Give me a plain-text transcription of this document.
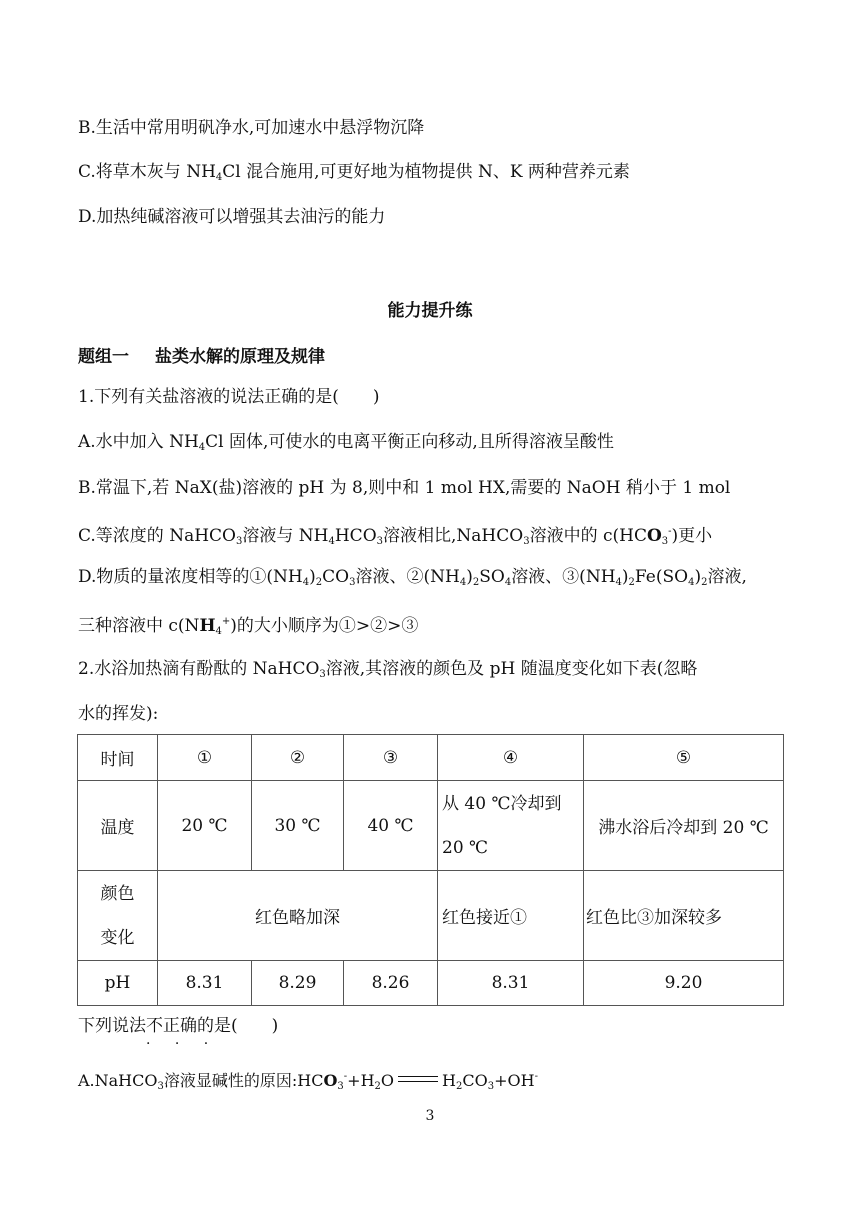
B.生活中常用明矾净水,可加速水中悬浮物沉降
C.将草木灰与 $NH_4Cl$ 混合施用,可更好地为植物提供 N、K 两种营养元素
D.加热纯碱溶液可以增强其去油污的能力
能力提升练
题组一 盐类水解的原理及规律
1.下列有关盐溶液的说法正确的是(　　)
A.水中加入 $NH_4Cl$ 固体,可使水的电离平衡正向移动,且所得溶液呈酸性
B.常温下,若 NaX(盐)溶液的 pH 为 8,则中和 1 mol HX,需要的 NaOH 稍小于 1 mol
C.等浓度的 NaHCO$_3$溶液与 $NH_4HCO_3$溶液相比,NaHCO$_3$溶液中的 $c(HCO_3^-)$更小
D.物质的量浓度相等的$①(NH_4)_2CO_3$溶液、$②(NH_4)_2SO_4$溶液、$③(NH_4)_2Fe(SO_4)_2$溶液,
三种溶液中 $c(NH_4^+)$的大小顺序为①>②>③
2.水浴加热滴有酚酞的 NaHCO$_3$溶液,其溶液的颜色及 pH 随温度变化如下表(忽略
水的挥发):
时间	①	②	③	④	⑤
温度	20 ℃	30 ℃	40 ℃	从 40 ℃冷却到
20 ℃	沸水浴后冷却到 20 ℃

颜色
变化	红色略加深			红色接近①	红色比③加深较多
pH	8.31	8.29	8.26	8.31	9.20
下列说法不正确的是(　　)
· · ·
A.NaHCO$_3$溶液显碱性的原因$:HCO_3^-+H_2O$	$H_2CO_3+OH^-$
3
